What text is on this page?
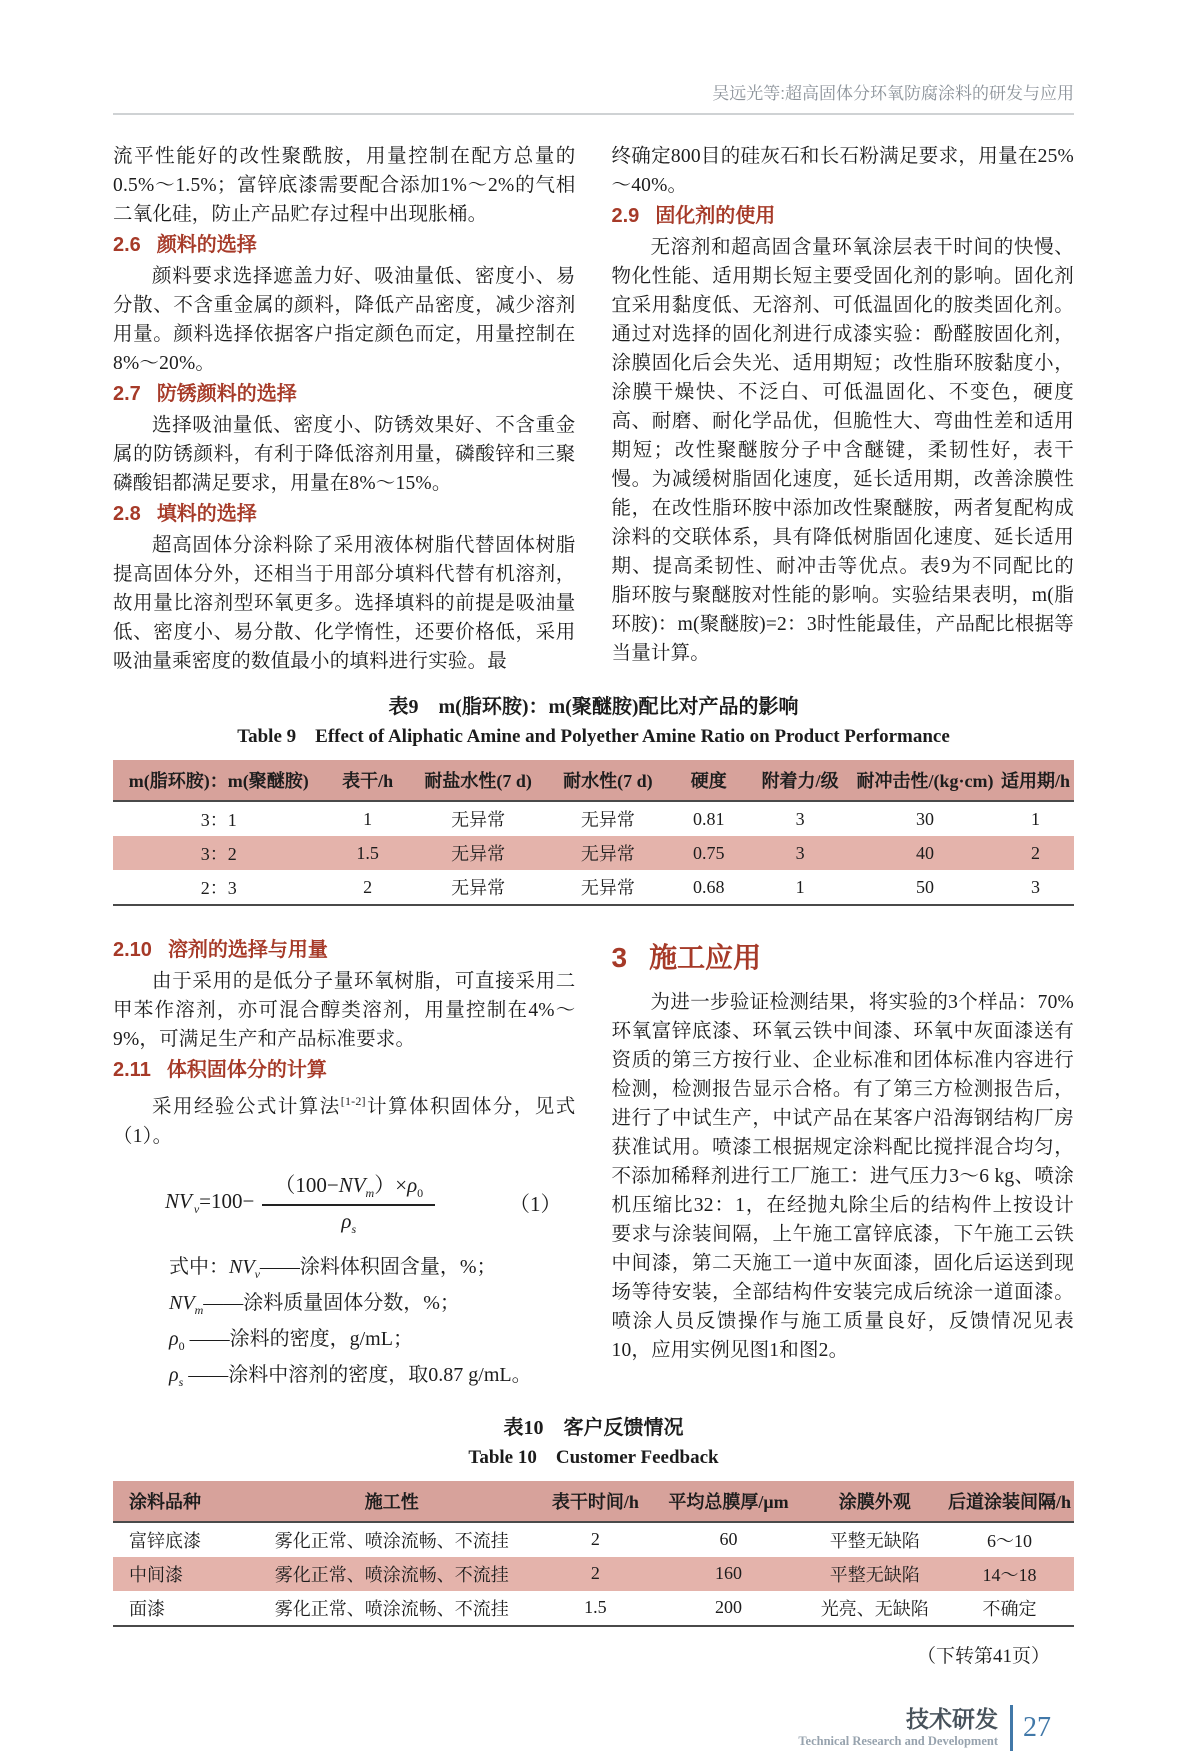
吴远光等:超高固体分环氧防腐涂料的研发与应用

流平性能好的改性聚酰胺，用量控制在配方总量的0.5%～1.5%；富锌底漆需要配合添加1%～2%的气相二氧化硅，防止产品贮存过程中出现胀桶。

2.6 颜料的选择

颜料要求选择遮盖力好、吸油量低、密度小、易分散、不含重金属的颜料，降低产品密度，减少溶剂用量。颜料选择依据客户指定颜色而定，用量控制在8%～20%。

2.7 防锈颜料的选择

选择吸油量低、密度小、防锈效果好、不含重金属的防锈颜料，有利于降低溶剂用量，磷酸锌和三聚磷酸铝都满足要求，用量在8%～15%。

2.8 填料的选择

超高固体分涂料除了采用液体树脂代替固体树脂提高固体分外，还相当于用部分填料代替有机溶剂，故用量比溶剂型环氧更多。选择填料的前提是吸油量低、密度小、易分散、化学惰性，还要价格低，采用吸油量乘密度的数值最小的填料进行实验。最

终确定800目的硅灰石和长石粉满足要求，用量在25%～40%。

2.9 固化剂的使用

无溶剂和超高固含量环氧涂层表干时间的快慢、物化性能、适用期长短主要受固化剂的影响。固化剂宜采用黏度低、无溶剂、可低温固化的胺类固化剂。通过对选择的固化剂进行成漆实验：酚醛胺固化剂，涂膜固化后会失光、适用期短；改性脂环胺黏度小，涂膜干燥快、不泛白、可低温固化、不变色，硬度高、耐磨、耐化学品优，但脆性大、弯曲性差和适用期短；改性聚醚胺分子中含醚键，柔韧性好，表干慢。为减缓树脂固化速度，延长适用期，改善涂膜性能，在改性脂环胺中添加改性聚醚胺，两者复配构成涂料的交联体系，具有降低树脂固化速度、延长适用期、提高柔韧性、耐冲击等优点。表9为不同配比的脂环胺与聚醚胺对性能的影响。实验结果表明，m(脂环胺)：m(聚醚胺)=2：3时性能最佳，产品配比根据等当量计算。

表9　m(脂环胺)：m(聚醚胺)配比对产品的影响
Table 9　Effect of Aliphatic Amine and Polyether Amine Ratio on Product Performance
m(脂环胺)：m(聚醚胺)	表干/h	耐盐水性(7 d)	耐水性(7 d)	硬度	附着力/级	耐冲击性/(kg·cm)	适用期/h
3：1	1	无异常	无异常	0.81	3	30	1
3：2	1.5	无异常	无异常	0.75	3	40	2
2：3	2	无异常	无异常	0.68	1	50	3
2.10 溶剂的选择与用量

由于采用的是低分子量环氧树脂，可直接采用二甲苯作溶剂，亦可混合醇类溶剂，用量控制在4%～9%，可满足生产和产品标准要求。

2.11 体积固体分的计算

采用经验公式计算法[1-2]计算体积固体分，见式（1）。

NV $_v=100- \frac{(100-NV_m)\times\rho_0}{\rho_s}$	（1）
式中：$NV_v——$涂料体积固含量，%；
$NV_m——$涂料质量固体分数，%；
$\rho_0$ ——涂料的密度，g/mL；
$\rho_s$ ——涂料中溶剂的密度，取0.87 g/mL。
3 施工应用

为进一步验证检测结果，将实验的3个样品：70%环氧富锌底漆、环氧云铁中间漆、环氧中灰面漆送有资质的第三方按行业、企业标准和团体标准内容进行检测，检测报告显示合格。有了第三方检测报告后，进行了中试生产，中试产品在某客户沿海钢结构厂房获准试用。喷漆工根据规定涂料配比搅拌混合均匀，不添加稀释剂进行工厂施工：进气压力3～6 kg、喷涂机压缩比32：1，在经抛丸除尘后的结构件上按设计要求与涂装间隔，上午施工富锌底漆，下午施工云铁中间漆，第二天施工一道中灰面漆，固化后运送到现场等待安装，全部结构件安装完成后统涂一道面漆。喷涂人员反馈操作与施工质量良好，反馈情况见表10，应用实例见图1和图2。

表10　客户反馈情况
Table 10　Customer Feedback
涂料品种	施工性	表干时间/h	平均总膜厚/μm	涂膜外观	后道涂装间隔/h
富锌底漆	雾化正常、喷涂流畅、不流挂	2	60	平整无缺陷	6～10
中间漆	雾化正常、喷涂流畅、不流挂	2	160	平整无缺陷	14～18
面漆	雾化正常、喷涂流畅、不流挂	1.5	200	光亮、无缺陷	不确定
（下转第41页）
技术研发
Technical Research and Development 27
